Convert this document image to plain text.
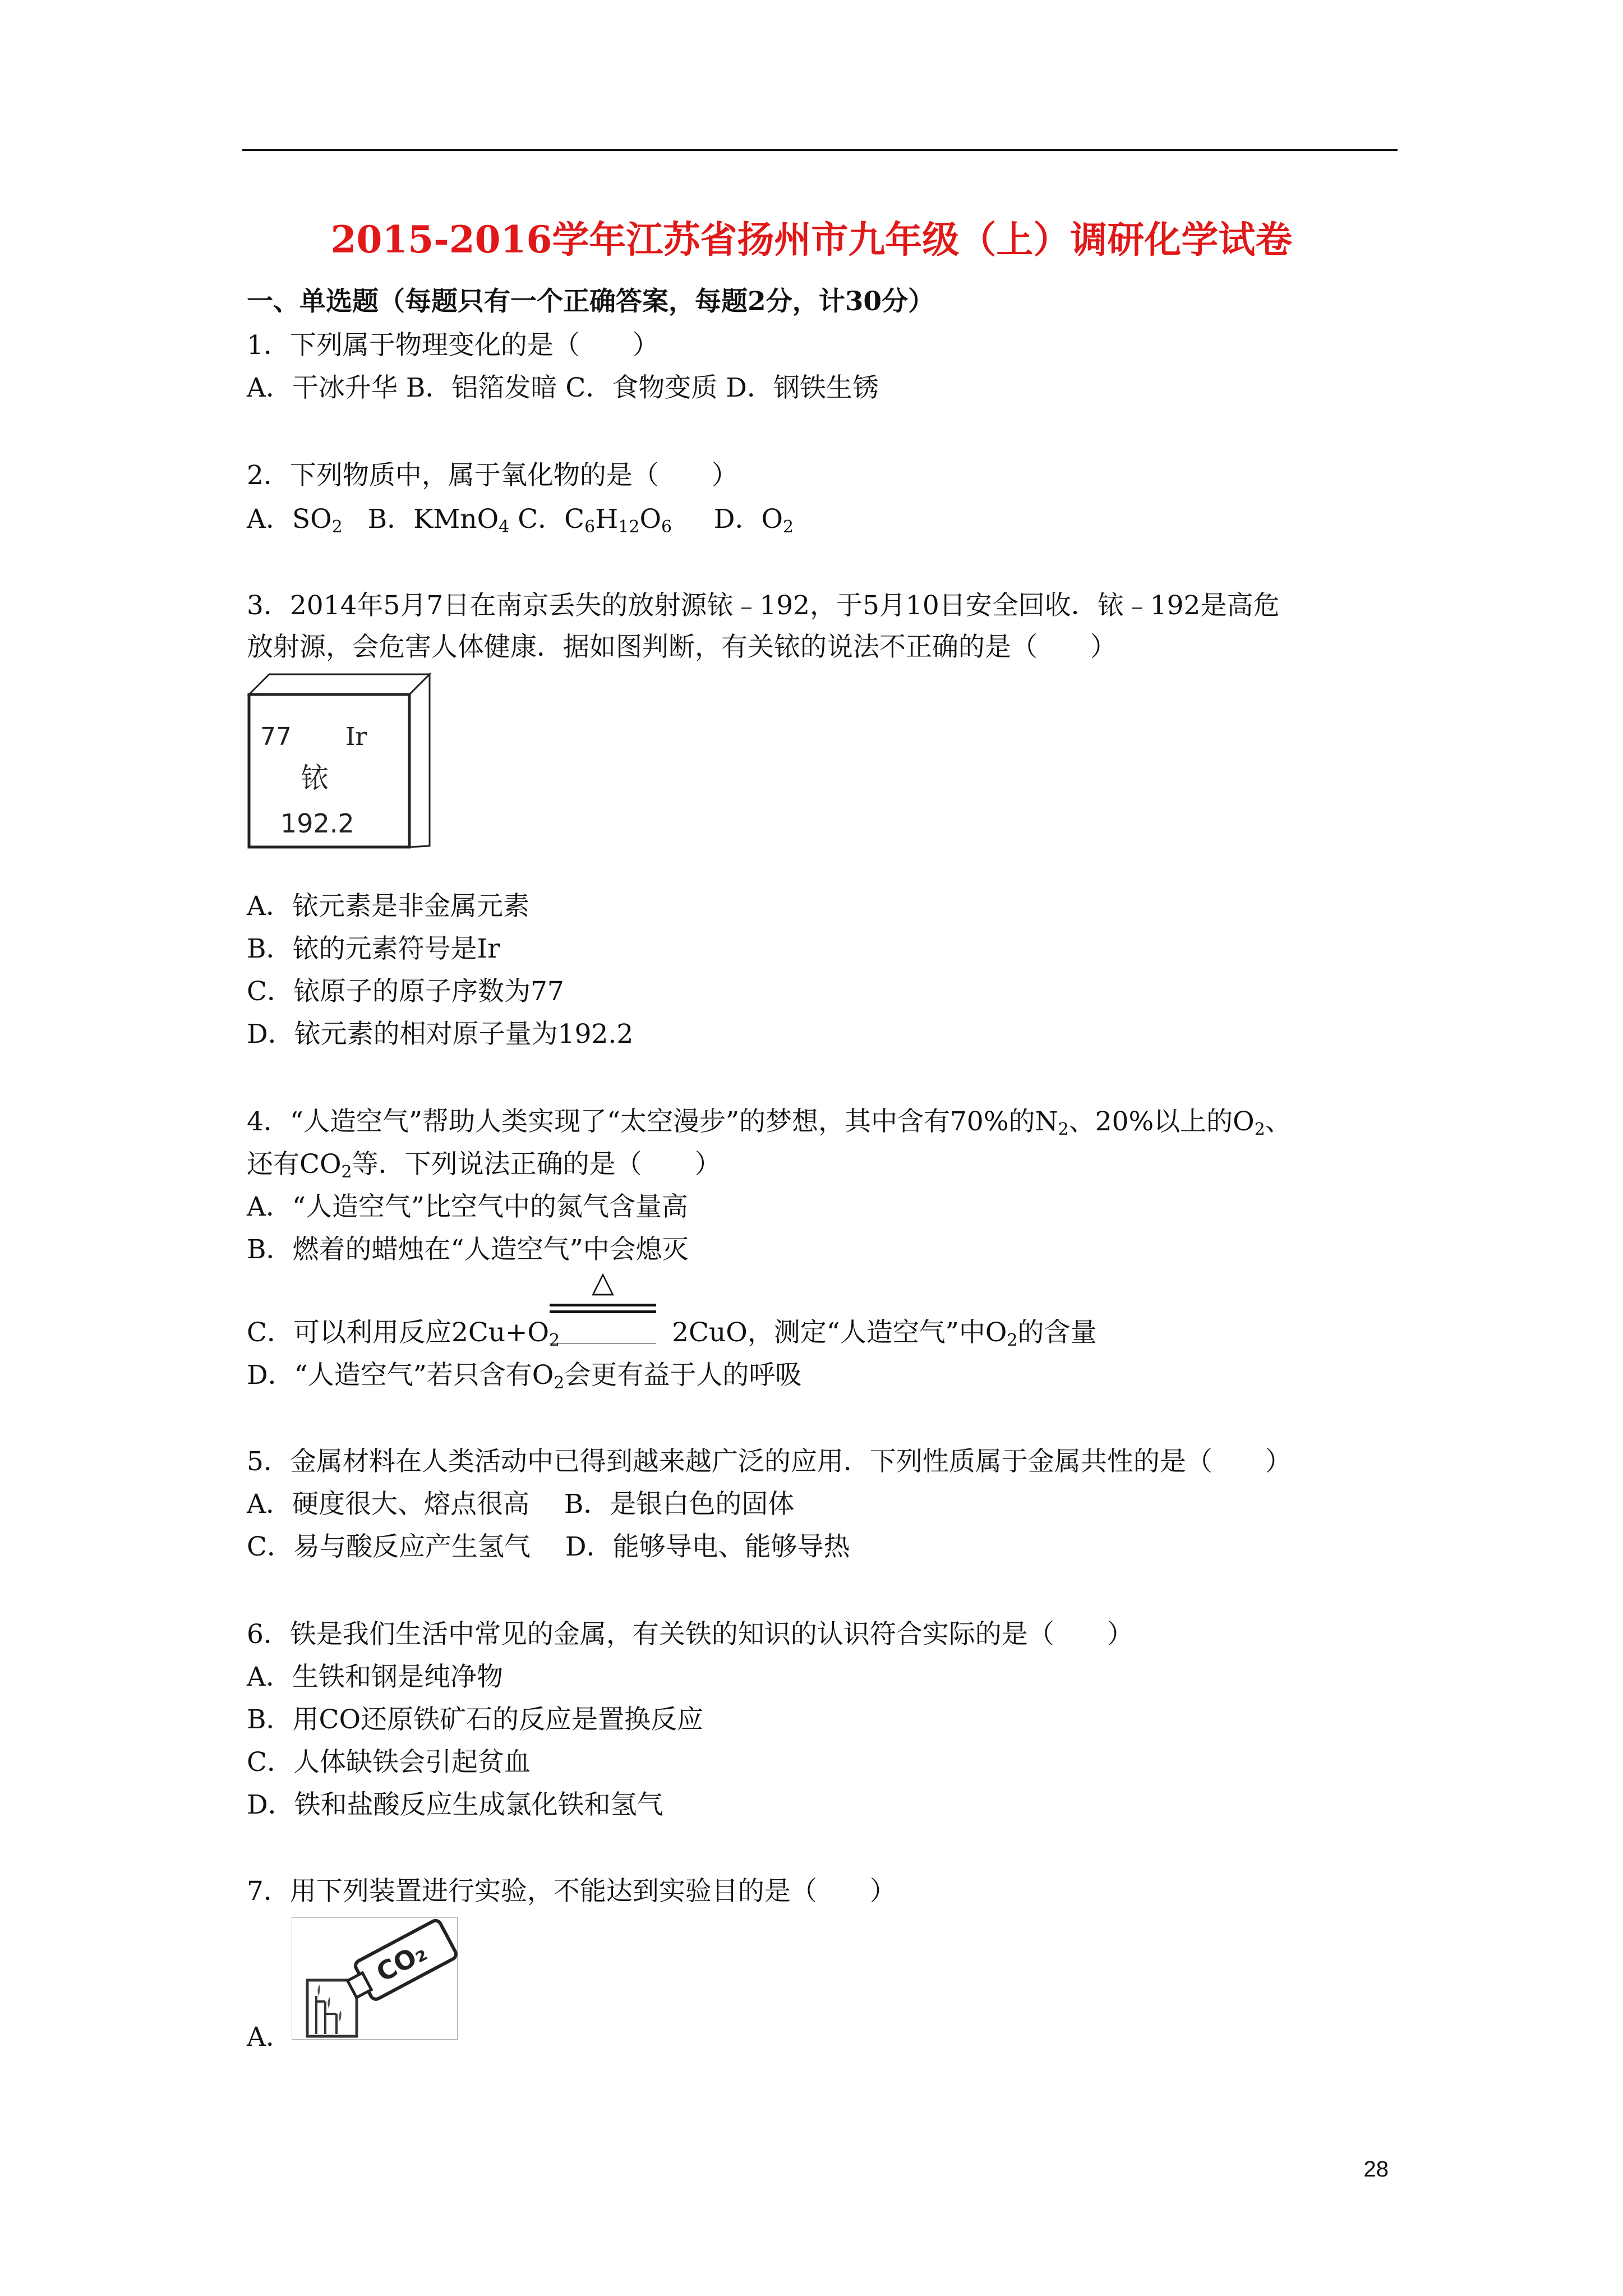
2015-2016学年江苏省扬州市九年级（上）调研化学试卷
一、单选题（每题只有一个正确答案，每题2分，计30分）
1．下列属于物理变化的是（　　）
A．干冰升华 B．铝箔发暗 C．食物变质 D．钢铁生锈
2．下列物质中，属于氧化物的是（　　）
A．$SO_2$ B．KMnO$_4$ C．$C_6H_{12}O_6$ D．$O_2$
3．2014年5月7日在南京丢失的放射源铱﹣192，于5月10日安全回收．铱﹣192是高危
放射源，会危害人体健康．据如图判断，有关铱的说法不正确的是（　　）
77 Ir
铱
192.2
A．铱元素是非金属元素
B．铱的元素符号是Ir
C．铱原子的原子序数为77
D．铱元素的相对原子量为192.2
4．“人造空气”帮助人类实现了“太空漫步”的梦想，其中含有70%的$N_2$、20%以上的$O_2$、
还有$CO_2$等．下列说法正确的是（　　）
A．“人造空气”比空气中的氮气含量高
B．燃着的蜡烛在“人造空气”中会熄灭
△
C．可以利用反应$2Cu+O_2$	2CuO，测定“人造空气”中$O_2$的含量
D．“人造空气”若只含有$O_2$会更有益于人的呼吸
5．金属材料在人类活动中已得到越来越广泛的应用．下列性质属于金属共性的是（　　）
A．硬度很大、熔点很高　 B．是银白色的固体
C．易与酸反应产生氢气　 D．能够导电、能够导热
6．铁是我们生活中常见的金属，有关铁的知识的认识符合实际的是（　　）
A．生铁和钢是纯净物
B．用CO还原铁矿石的反应是置换反应
C．人体缺铁会引起贫血
D．铁和盐酸反应生成氯化铁和氢气
7．用下列装置进行实验，不能达到实验目的是（　　）
CO₂
A．
28
